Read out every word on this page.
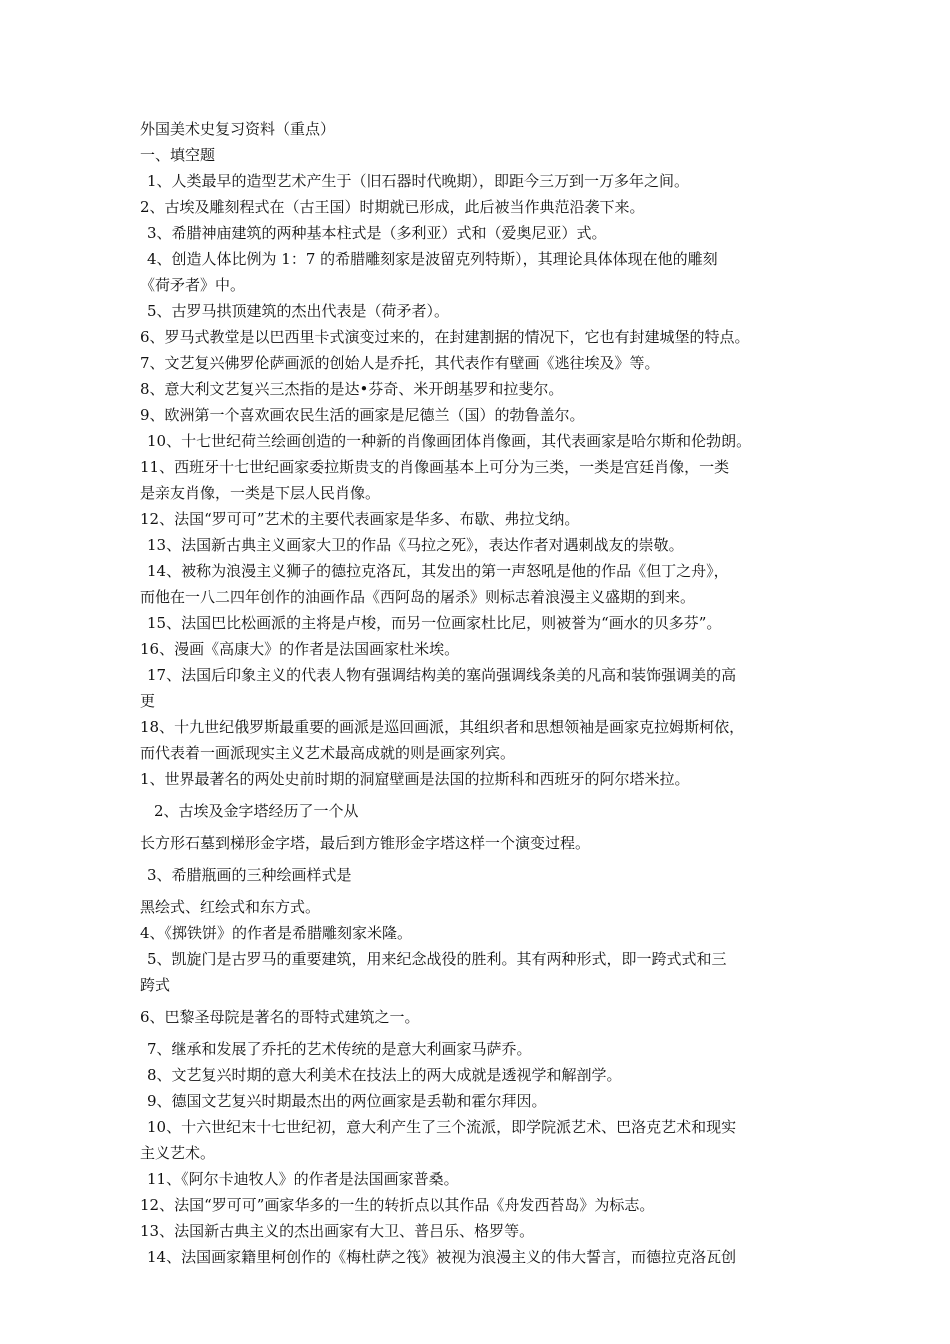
外国美术史复习资料（重点）
一、填空题
1、人类最早的造型艺术产生于（旧石器时代晚期），即距今三万到一万多年之间。
2、古埃及雕刻程式在（古王国）时期就已形成，此后被当作典范沿袭下来。
3、希腊神庙建筑的两种基本柱式是（多利亚）式和（爱奥尼亚）式。
4、创造人体比例为 1：7 的希腊雕刻家是波留克列特斯），其理论具体体现在他的雕刻
《荷矛者》中。
5、古罗马拱顶建筑的杰出代表是（荷矛者）。
6、罗马式教堂是以巴西里卡式演变过来的，在封建割据的情况下，它也有封建城堡的特点。
7、文艺复兴佛罗伦萨画派的创始人是乔托，其代表作有壁画《逃往埃及》等。
8、意大利文艺复兴三杰指的是达•芬奇、米开朗基罗和拉斐尔。
9、欧洲第一个喜欢画农民生活的画家是尼德兰（国）的勃鲁盖尔。
10、十七世纪荷兰绘画创造的一种新的肖像画团体肖像画，其代表画家是哈尔斯和伦勃朗。
11、西班牙十七世纪画家委拉斯贵支的肖像画基本上可分为三类，一类是宫廷肖像，一类
是亲友肖像，一类是下层人民肖像。
12、法国“罗可可”艺术的主要代表画家是华多、布歇、弗拉戈纳。
13、法国新古典主义画家大卫的作品《马拉之死》，表达作者对遇刺战友的崇敬。
14、被称为浪漫主义狮子的德拉克洛瓦，其发出的第一声怒吼是他的作品《但丁之舟》，
而他在一八二四年创作的油画作品《西阿岛的屠杀》则标志着浪漫主义盛期的到来。
15、法国巴比松画派的主将是卢梭，而另一位画家杜比尼，则被誉为“画水的贝多芬”。
16、漫画《高康大》的作者是法国画家杜米埃。
17、法国后印象主义的代表人物有强调结构美的塞尚强调线条美的凡高和装饰强调美的高
更
18、十九世纪俄罗斯最重要的画派是巡回画派，其组织者和思想领袖是画家克拉姆斯柯依，
而代表着一画派现实主义艺术最高成就的则是画家列宾。
1、世界最著名的两处史前时期的洞窟壁画是法国的拉斯科和西班牙的阿尔塔米拉。
2、古埃及金字塔经历了一个从
长方形石墓到梯形金字塔，最后到方锥形金字塔这样一个演变过程。
3、希腊瓶画的三种绘画样式是
黑绘式、红绘式和东方式。
4、《掷铁饼》的作者是希腊雕刻家米隆。
5、凯旋门是古罗马的重要建筑，用来纪念战役的胜利。其有两种形式，即一跨式式和三
跨式
6、巴黎圣母院是著名的哥特式建筑之一。
7、继承和发展了乔托的艺术传统的是意大利画家马萨乔。
8、文艺复兴时期的意大利美术在技法上的两大成就是透视学和解剖学。
9、德国文艺复兴时期最杰出的两位画家是丢勒和霍尔拜因。
10、十六世纪末十七世纪初，意大利产生了三个流派，即学院派艺术、巴洛克艺术和现实
主义艺术。
11、《阿尔卡迪牧人》的作者是法国画家普桑。
12、法国“罗可可”画家华多的一生的转折点以其作品《舟发西苔岛》为标志。
13、法国新古典主义的杰出画家有大卫、普吕乐、格罗等。
14、法国画家籍里柯创作的《梅杜萨之筏》被视为浪漫主义的伟大誓言，而德拉克洛瓦创
